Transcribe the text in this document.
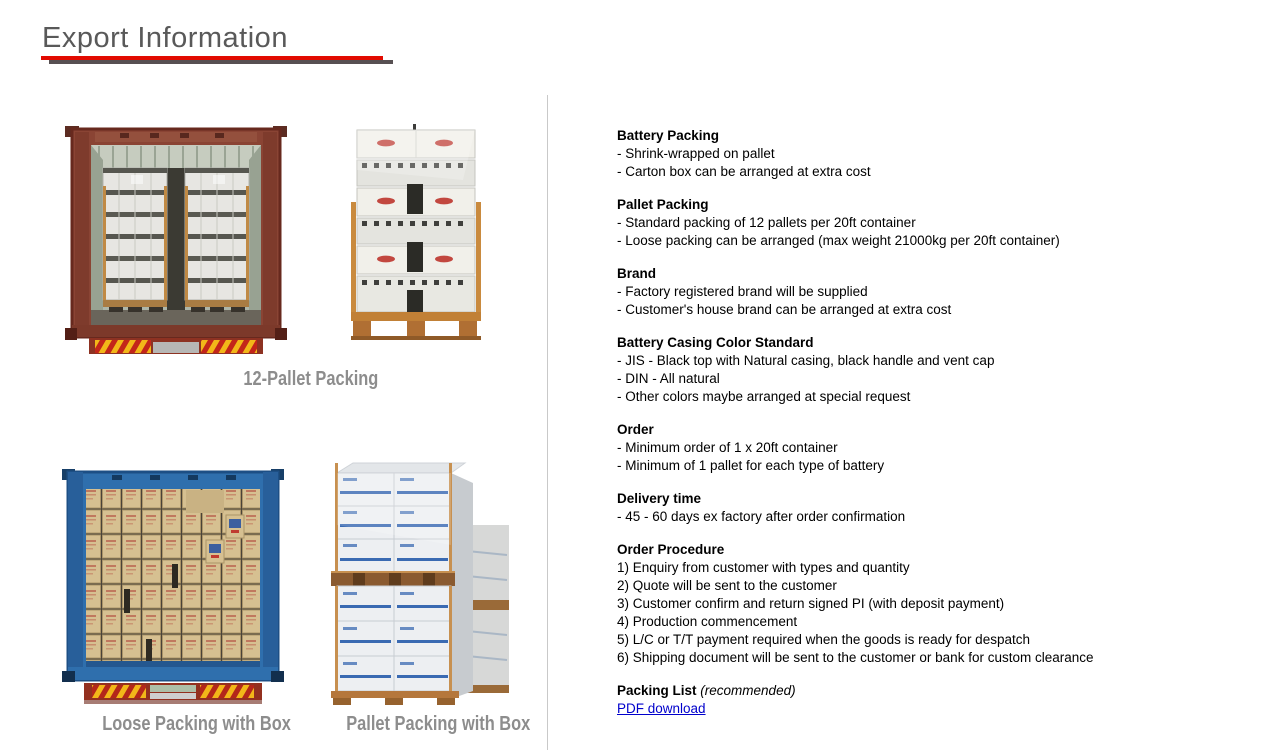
Export Information
12-Pallet Packing
Loose Packing with Box	Pallet Packing with Box
Battery Packing
- Shrink-wrapped on pallet
- Carton box can be arranged at extra cost
Pallet Packing
- Standard packing of 12 pallets per 20ft container
- Loose packing can be arranged (max weight 21000kg per 20ft container)
Brand
- Factory registered brand will be supplied
- Customer's house brand can be arranged at extra cost
Battery Casing Color Standard
- JIS - Black top with Natural casing, black handle and vent cap
- DIN - All natural
- Other colors maybe arranged at special request
Order
- Minimum order of 1 x 20ft container
- Minimum of 1 pallet for each type of battery
Delivery time
- 45 - 60 days ex factory after order confirmation
Order Procedure
1) Enquiry from customer with types and quantity
2) Quote will be sent to the customer
3) Customer confirm and return signed PI (with deposit payment)
4) Production commencement
5) L/C or T/T payment required when the goods is ready for despatch
6) Shipping document will be sent to the customer or bank for custom clearance
Packing List (recommended)
PDF download
